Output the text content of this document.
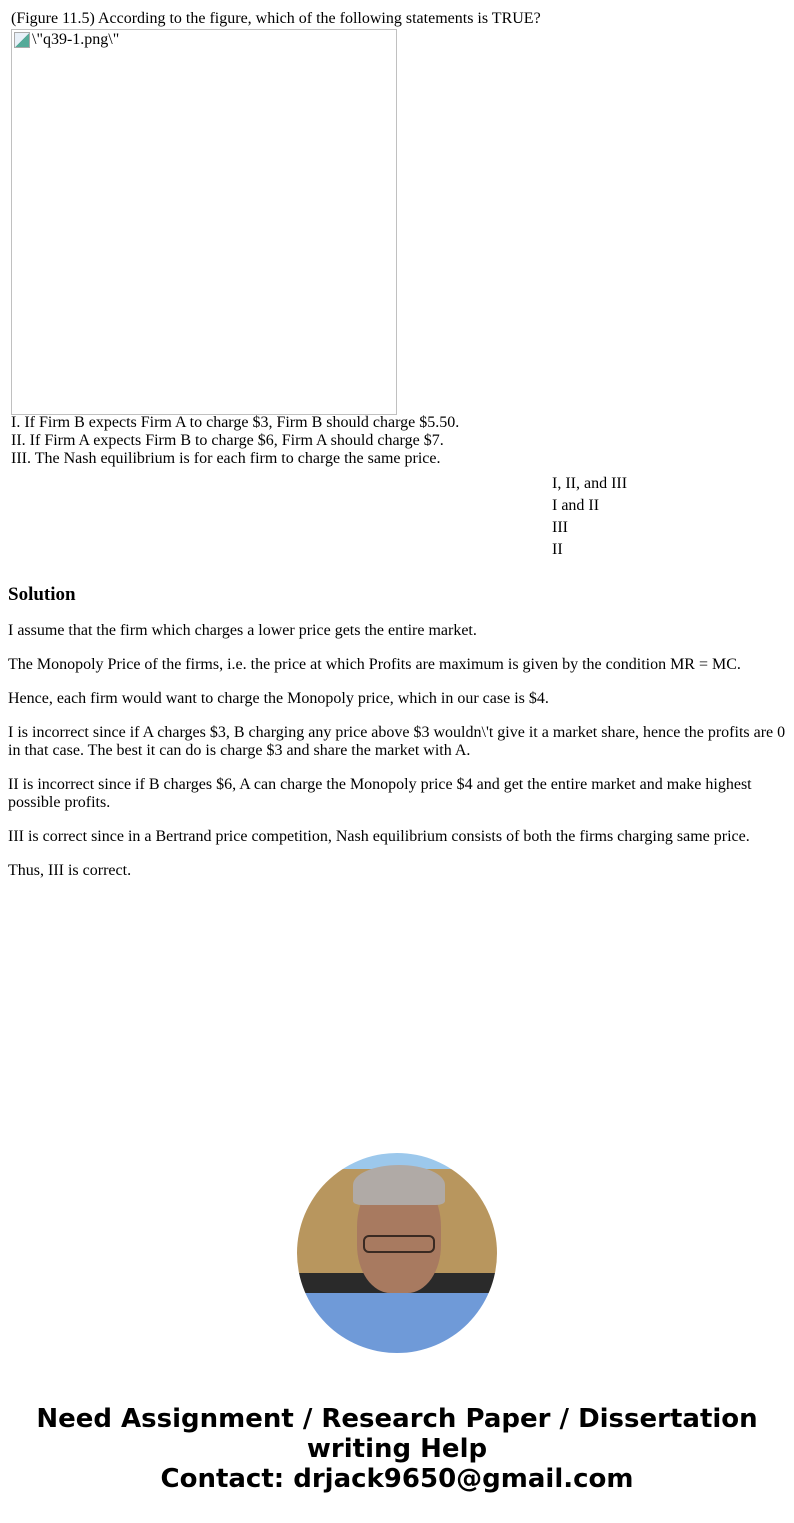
(Figure 11.5) According to the figure, which of the following statements is TRUE?
\"q39-1.png\"
I. If Firm B expects Firm A to charge $3, Firm B should charge $5.50.
II. If Firm A expects Firm B to charge $6, Firm A should charge $7.
III. The Nash equilibrium is for each firm to charge the same price.
I, II, and III
I and II
III
II
Solution

I assume that the firm which charges a lower price gets the entire market.

The Monopoly Price of the firms, i.e. the price at which Profits are maximum is given by the condition MR = MC.

Hence, each firm would want to charge the Monopoly price, which in our case is $4.

I is incorrect since if A charges $3, B charging any price above $3 wouldn\'t give it a market share, hence the profits are 0 in that case. The best it can do is charge $3 and share the market with A.

II is incorrect since if B charges $6, A can charge the Monopoly price $4 and get the entire market and make highest possible profits.

III is correct since in a Bertrand price competition, Nash equilibrium consists of both the firms charging same price.

Thus, III is correct.

Need Assignment / Research Paper / Dissertation writing Help
Contact: drjack9650@gmail.com
